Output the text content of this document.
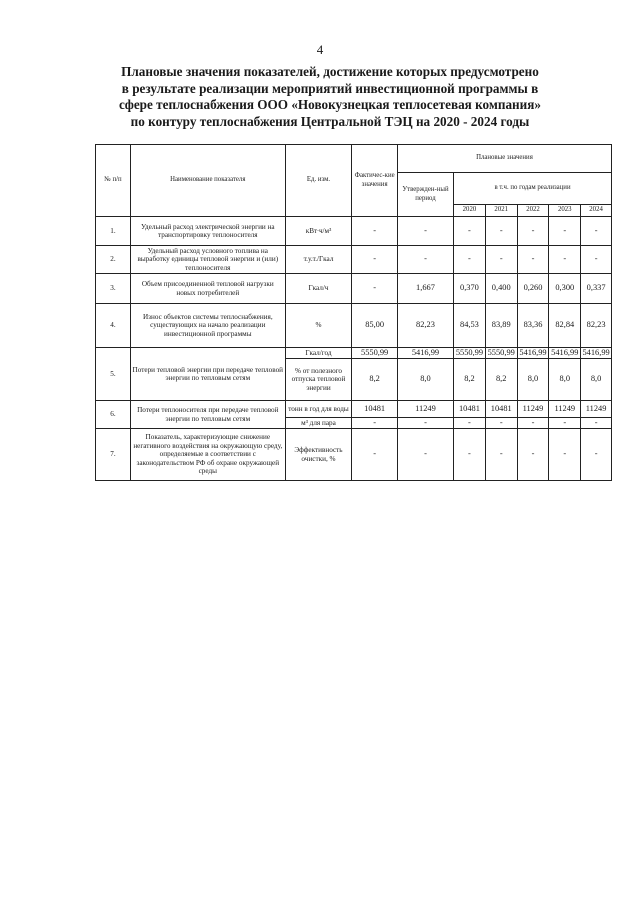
4
Плановые значения показателей, достижение которых предусмотрено
в результате реализации мероприятий инвестиционной программы в
сфере теплоснабжения ООО «Новокузнецкая теплосетевая компания»
по контуру теплоснабжения Центральной ТЭЦ на 2020 - 2024 годы
№ п/п	Наименование показателя	Ед. изм.	Фактичес-кие значения	Плановые значения					
				Утвержден-ный период	в т.ч. по годам реализации				
					2020	2021	2022	2023	2024
1.	Удельный расход электрической энергии на транспортировку теплоносителя	кВт∙ч/м³	-	-	-	-	-	-	-
2.	Удельный расход условного топлива на выработку единицы тепловой энергии и (или) теплоносителя	т.у.т./Гкал	-	-	-	-	-	-	-
3.	Объем присоединенной тепловой нагрузки новых потребителей	Гкал/ч	-	1,667	0,370	0,400	0,260	0,300	0,337
4.	Износ объектов системы теплоснабжения, существующих на начало реализации инвестиционной программы	%	85,00	82,23	84,53	83,89	83,36	82,84	82,23
5.	Потери тепловой энергии при передаче тепловой энергии по тепловым сетям	Гкал/год	5550,99	5416,99	5550,99	5550,99	5416,99	5416,99	5416,99
		% от полезного отпуска тепловой энергии	8,2	8,0	8,2	8,2	8,0	8,0	8,0
6.	Потери теплоносителя при передаче тепловой энергии по тепловым сетям	тонн в год для воды	10481	11249	10481	10481	11249	11249	11249
		м³ для пара	-	-	-	-	-	-	-
7.	Показатель, характеризующие снижение негативного воздействия на окружающую среду, определяемые в соответствии с законодательством РФ об охране окружающей среды	Эффективность очистки, %	-	-	-	-	-	-	-
